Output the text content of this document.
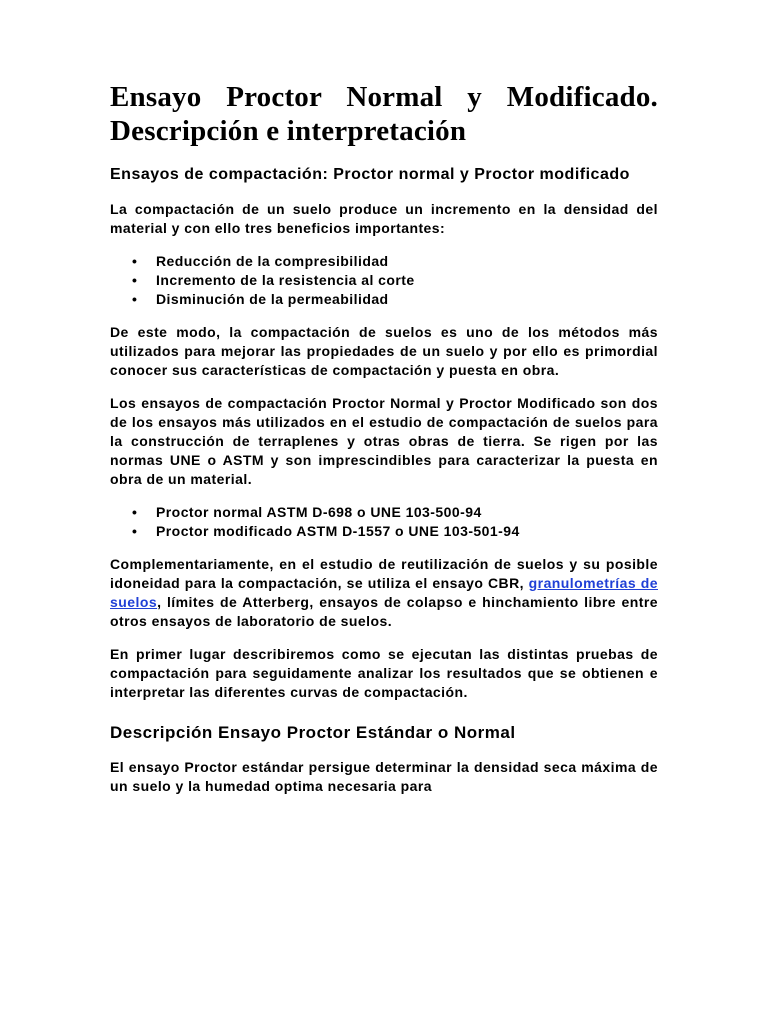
Ensayo Proctor Normal y Modificado.
Descripción e interpretación
Ensayos de compactación: Proctor normal y Proctor modificado

La compactación de un suelo produce un incremento en la densidad del material y con ello tres beneficios importantes:

• Reducción de la compresibilidad
• Incremento de la resistencia al corte
• Disminución de la permeabilidad

De este modo, la compactación de suelos es uno de los métodos más utilizados para mejorar las propiedades de un suelo y por ello es primordial conocer sus características de compactación y puesta en obra.

Los ensayos de compactación Proctor Normal y Proctor Modificado son dos de los ensayos más utilizados en el estudio de compactación de suelos para la construcción de terraplenes y otras obras de tierra. Se rigen por las normas UNE o ASTM y son imprescindibles para caracterizar la puesta en obra de un material.

• Proctor normal ASTM D-698 o UNE 103-500-94
• Proctor modificado ASTM D-1557 o UNE 103-501-94

Complementariamente, en el estudio de reutilización de suelos y su posible idoneidad para la compactación, se utiliza el ensayo CBR, granulometrías de suelos, límites de Atterberg, ensayos de colapso e hinchamiento libre entre otros ensayos de laboratorio de suelos.

En primer lugar describiremos como se ejecutan las distintas pruebas de compactación para seguidamente analizar los resultados que se obtienen e interpretar las diferentes curvas de compactación.

Descripción Ensayo Proctor Estándar o Normal

El ensayo Proctor estándar persigue determinar la densidad seca máxima de un suelo y la humedad optima necesaria para
